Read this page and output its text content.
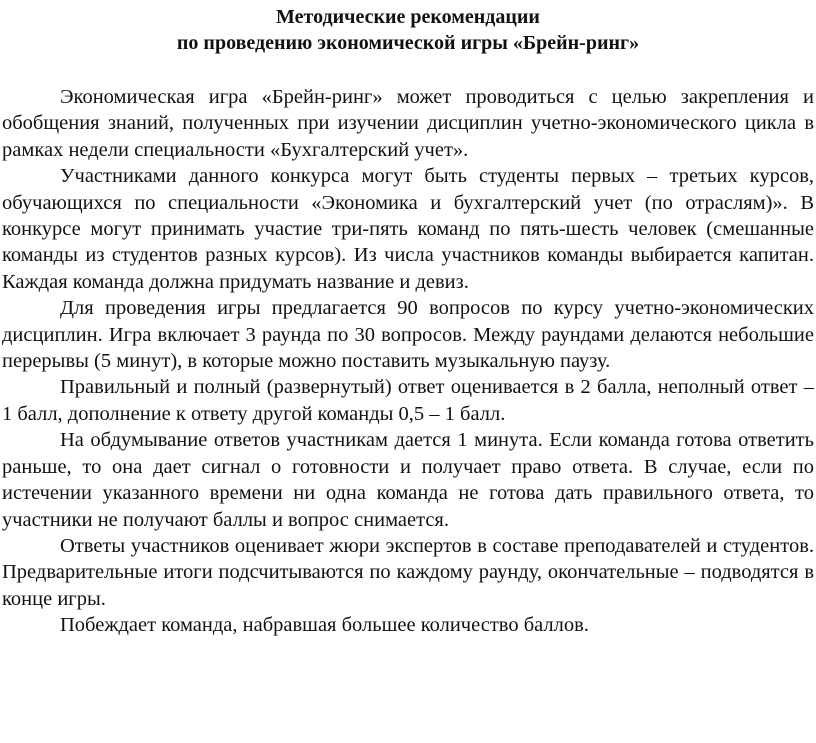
Методические рекомендации

по проведению экономической игры «Брейн-ринг»

Экономическая игра «Брейн-ринг» может проводиться с целью закрепления и обобщения знаний, полученных при изучении дисциплин учетно-экономического цикла в рамках недели специальности «Бухгалтерский учет».

Участниками данного конкурса могут быть студенты первых – третьих курсов, обучающихся по специальности «Экономика и бухгалтерский учет (по отраслям)». В конкурсе могут принимать участие три-пять команд по пять-шесть человек (смешанные команды из студентов разных курсов). Из числа участников команды выбирается капитан. Каждая команда должна придумать название и девиз.

Для проведения игры предлагается 90 вопросов по курсу учетно-экономических дисциплин. Игра включает 3 раунда по 30 вопросов. Между раундами делаются небольшие перерывы (5 минут), в которые можно поставить музыкальную паузу.

Правильный и полный (развернутый) ответ оценивается в 2 балла, неполный ответ – 1 балл, дополнение к ответу другой команды 0,5 – 1 балл.

На обдумывание ответов участникам дается 1 минута. Если команда готова ответить раньше, то она дает сигнал о готовности и получает право ответа. В случае, если по истечении указанного времени ни одна команда не готова дать правильного ответа, то участники не получают баллы и вопрос снимается.

Ответы участников оценивает жюри экспертов в составе преподавателей и студентов. Предварительные итоги подсчитываются по каждому раунду, окончательные – подводятся в конце игры.

Побеждает команда, набравшая большее количество баллов.
